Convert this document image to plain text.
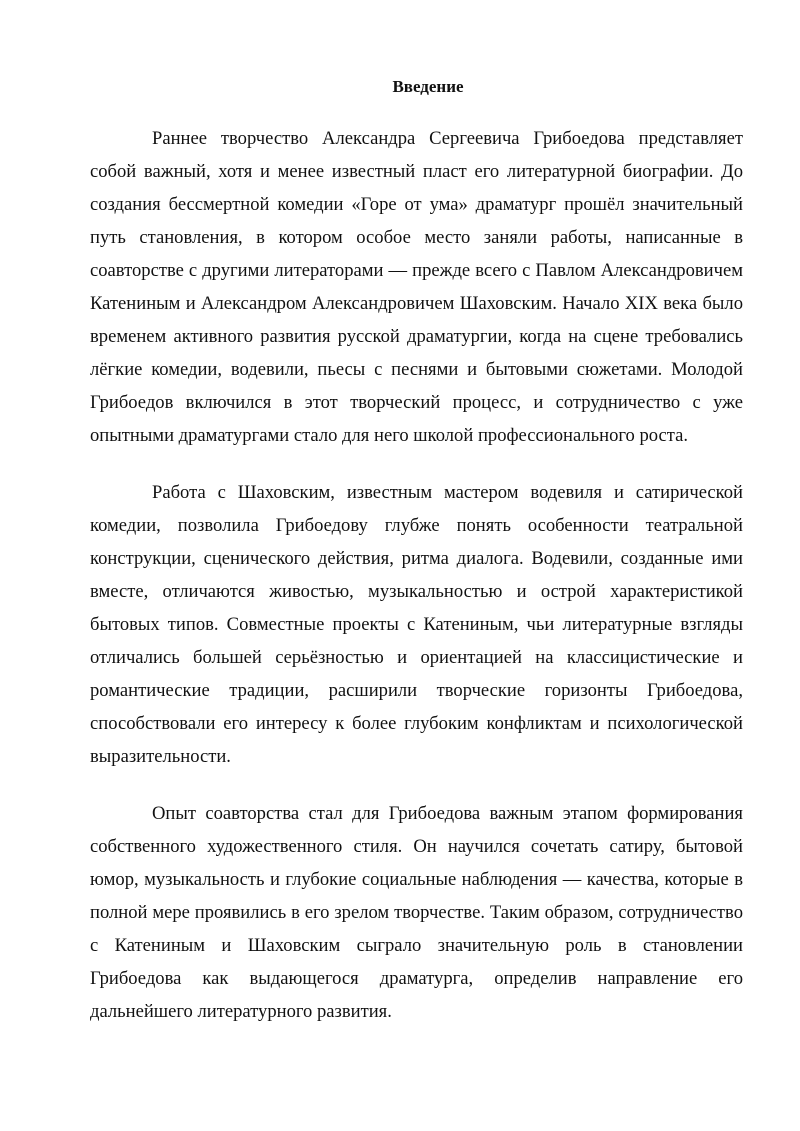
Введение

Раннее творчество Александра Сергеевича Грибоедова представляет собой важный, хотя и менее известный пласт его литературной биографии. До создания бессмертной комедии «Горе от ума» драматург прошёл значительный путь становления, в котором особое место заняли работы, написанные в соавторстве с другими литераторами — прежде всего с Павлом Александровичем Катениным и Александром Александровичем Шаховским. Начало XIX века было временем активного развития русской драматургии, когда на сцене требовались лёгкие комедии, водевили, пьесы с песнями и бытовыми сюжетами. Молодой Грибоедов включился в этот творческий процесс, и сотрудничество с уже опытными драматургами стало для него школой профессионального роста.

Работа с Шаховским, известным мастером водевиля и сатирической комедии, позволила Грибоедову глубже понять особенности театральной конструкции, сценического действия, ритма диалога. Водевили, созданные ими вместе, отличаются живостью, музыкальностью и острой характеристикой бытовых типов. Совместные проекты с Катениным, чьи литературные взгляды отличались большей серьёзностью и ориентацией на классицистические и романтические традиции, расширили творческие горизонты Грибоедова, способствовали его интересу к более глубоким конфликтам и психологической выразительности.

Опыт соавторства стал для Грибоедова важным этапом формирования собственного художественного стиля. Он научился сочетать сатиру, бытовой юмор, музыкальность и глубокие социальные наблюдения — качества, которые в полной мере проявились в его зрелом творчестве. Таким образом, сотрудничество с Катениным и Шаховским сыграло значительную роль в становлении Грибоедова как выдающегося драматурга, определив направление его дальнейшего литературного развития.
